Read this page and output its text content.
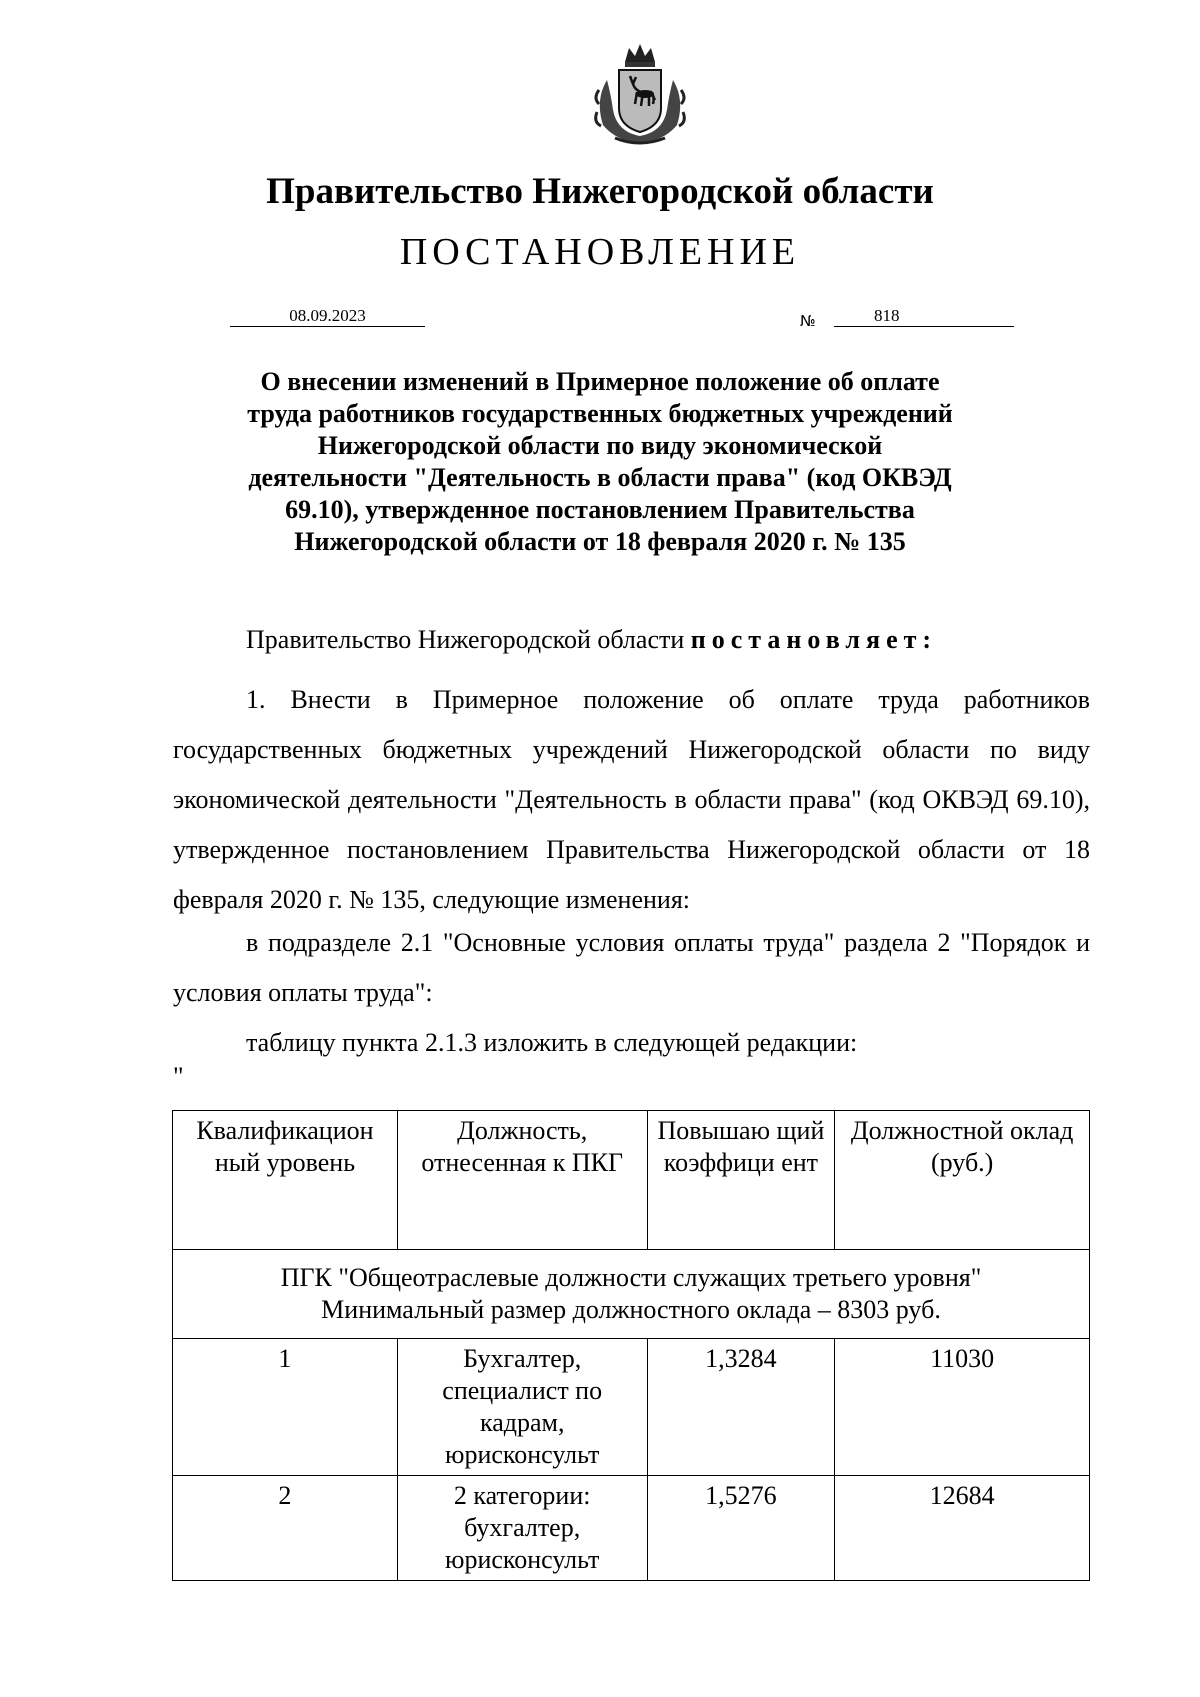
Правительство Нижегородской области
ПОСТАНОВЛЕНИЕ
08.09.2023	№	818
О внесении изменений в Примерное положение об оплате
труда работников государственных бюджетных учреждений
Нижегородской области по виду экономической
деятельности "Деятельность в области права" (код ОКВЭД
69.10), утвержденное постановлением Правительства
Нижегородской области от 18 февраля 2020 г. № 135
Правительство Нижегородской области постановляет:
1. Внести в Примерное положение об оплате труда работников государственных бюджетных учреждений Нижегородской области по виду экономической деятельности "Деятельность в области права" (код ОКВЭД 69.10), утвержденное постановлением Правительства Нижегородской области от 18 февраля 2020 г. № 135, следующие изменения:
в подразделе 2.1 "Основные условия оплаты труда" раздела 2 "Порядок и условия оплаты труда":
таблицу пункта 2.1.3 изложить в следующей редакции:
"
Квалификацион ный уровень	Должность, отнесенная к ПКГ	Повышаю щий коэффици ент	Должностной оклад (руб.)

ПГК "Общеотраслевые должности служащих третьего уровня"
Минимальный размер должностного оклада – 8303 руб.			

1	Бухгалтер, специалист по кадрам, юрисконсульт	1,3284	11030
2	2 категории: бухгалтер, юрисконсульт	1,5276	12684
